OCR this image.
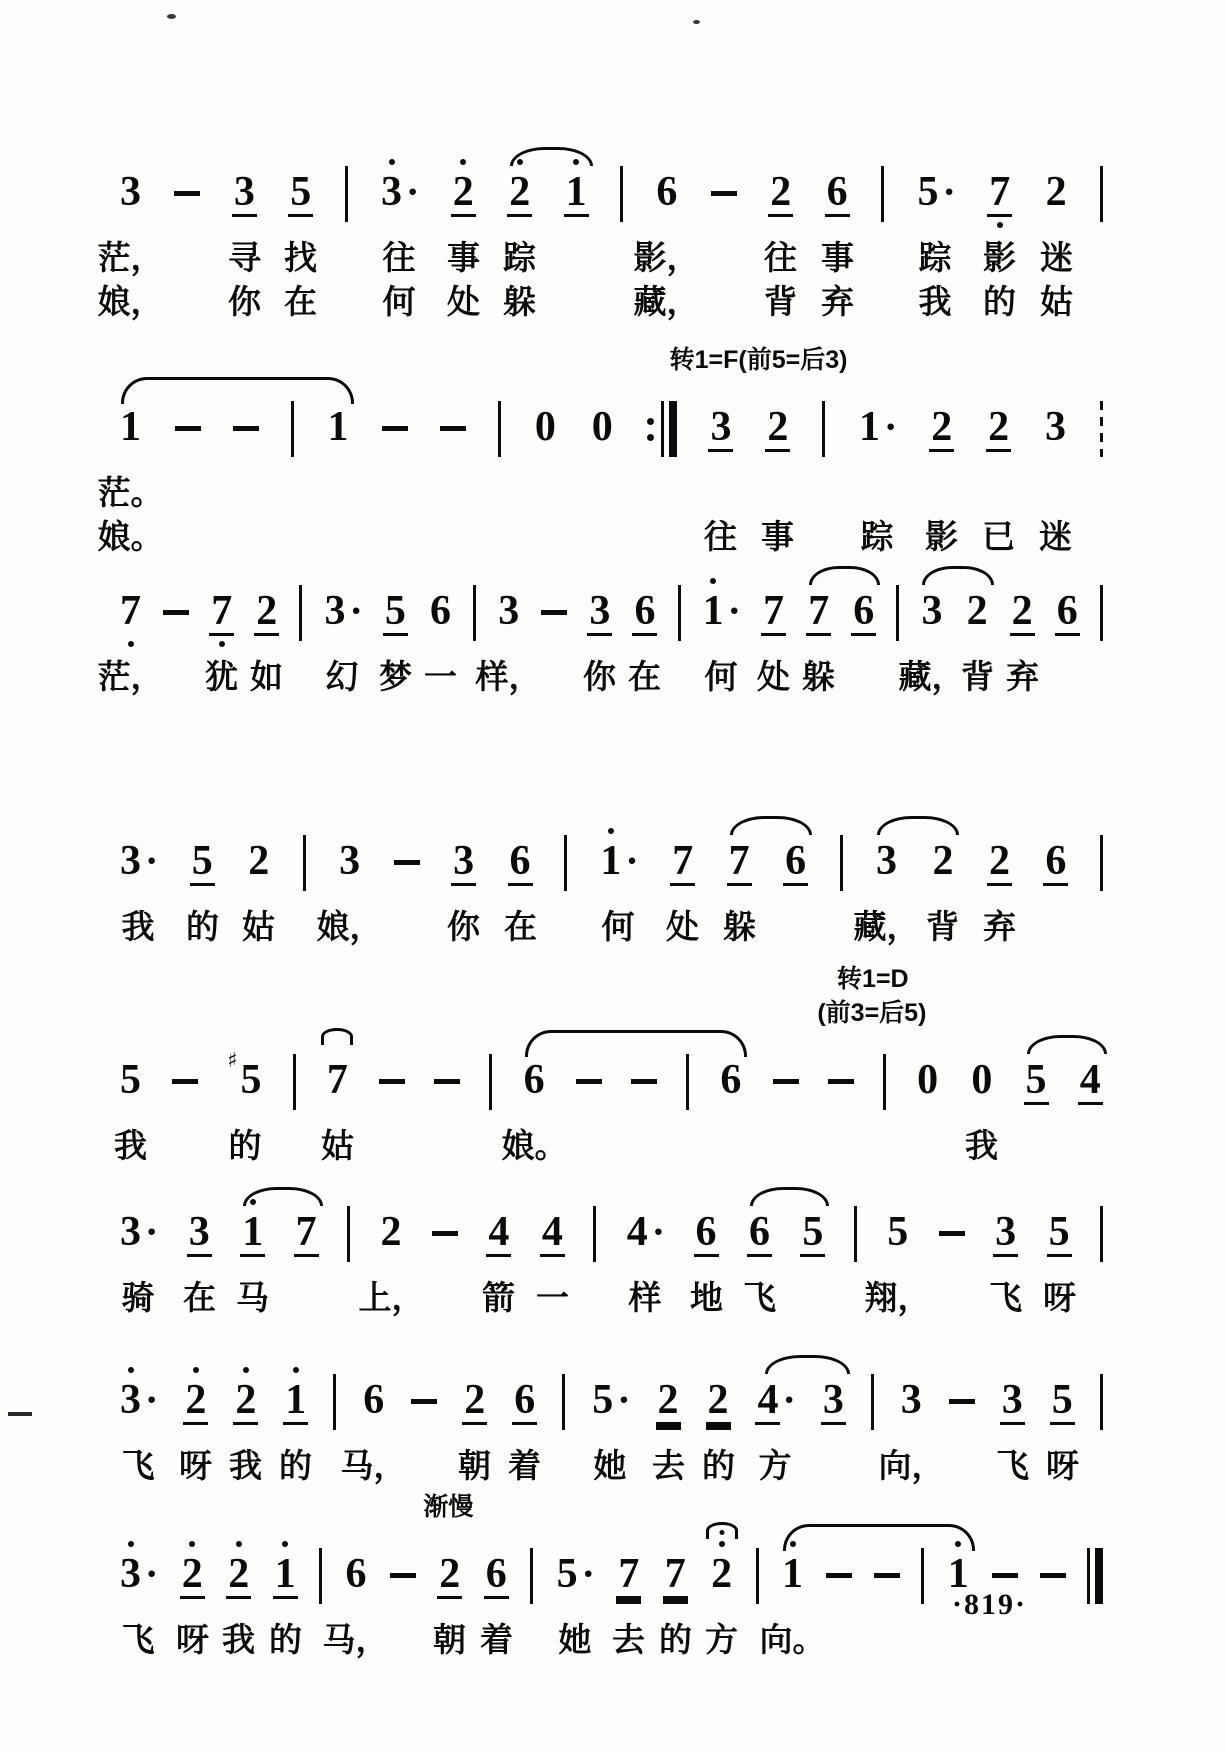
3 3 5 3 · 2 2 1 6 2 6 5 · 7 2
茫， 寻 找 往 事 踪	影， 往 事 踪 影 迷
娘， 你 在 何 处 躲	藏， 背 弃 我 的 姑
转1=F(前5=后3)
1	1	0 0 3 2 1 · 2 2 3
茫。
娘。	往 事 踪 影 已 迷
7 7 2 3 · 5 6 3 3 6 1 · 7 7 6 3 2 2 6
茫， 犹 如 幻 梦 一 样， 你 在 何 处 躲 藏，
背 弃
3 · 5 2 3 3 6 1 · 7 7 6 3 2 2 6
我 的 姑 娘， 你 在 何 处 躲	藏， 背 弃
转1=D
(前3=后5)
5	♯ 5 7	6	6	0 0 5 4
我 的 姑	娘。	我
3 · 3 1 7 2 4 4 4 · 6 6 5 5 3 5
骑 在 马	上， 箭 一 样 地 飞	翔， 飞 呀
3 · 2 2 1 6 2 6 5 · 2 2 4 · 3 3 3 5
飞 呀 我 的 马， 朝 着 她 去 的 方	向， 飞 呀
渐慢
3 · 2 2 1 6 2 6 5 · 7 7 2 1	1
飞 呀 我 的 马， 朝 着 她 去 的 方 向。
·819·
